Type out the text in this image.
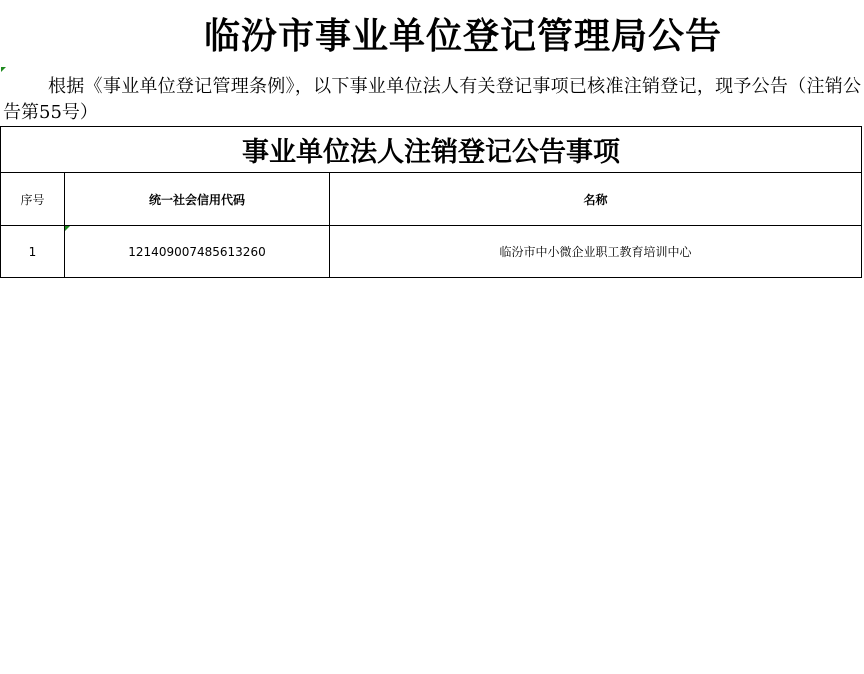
临汾市事业单位登记管理局公告
根据《事业单位登记管理条例》，以下事业单位法人有关登记事项已核准注销登记，现予公告（注销公告第55号）
事业单位法人注销登记公告事项		
序号	统一社会信用代码	名称
1	121409007485613260	临汾市中小微企业职工教育培训中心
